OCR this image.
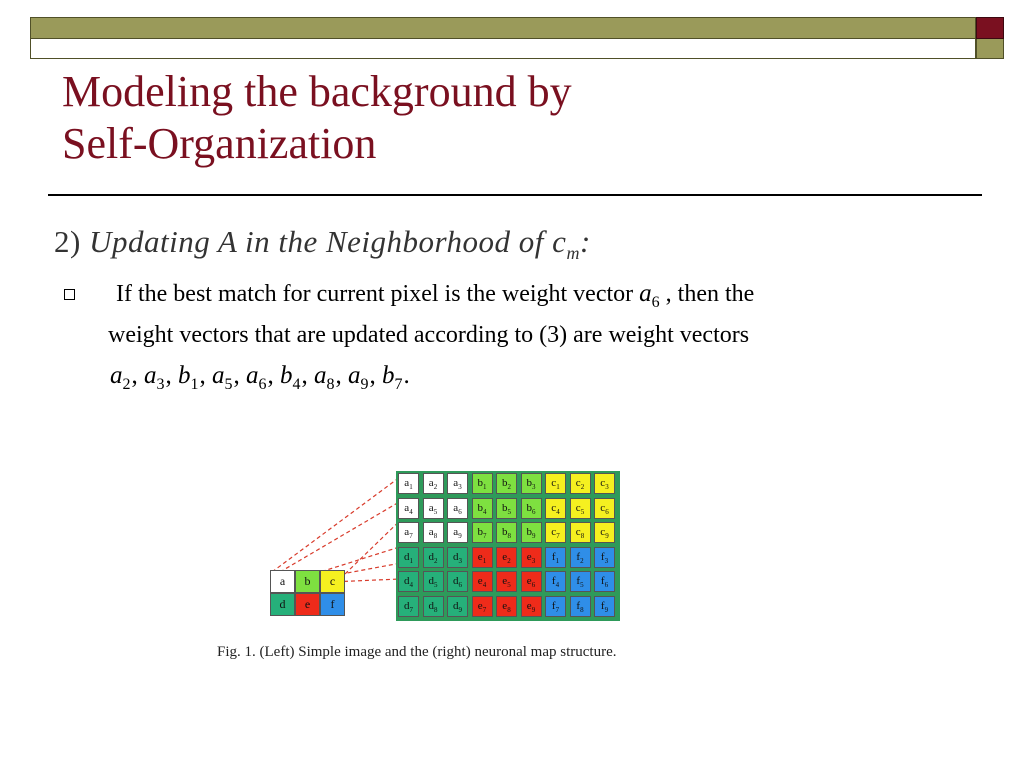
Modeling the background by
Self-Organization
2) Updating A in the Neighborhood of $c_m$:
If the best match for current pixel is the weight vector $a_6$ , then the
weight vectors that are updated according to (3) are weight vectors
$a_2$, $a_3$, $b_1$, $a_5$, $a_6$, $b_4$, $a_8$, $a_9$, $b_7$.
a	b	c
d	e	f
$a_1$	$a_2$	$a_3$	$b_1$	$b_2$	$b_3$	$c_1$	$c_2$	$c_3$
$a_4$	$a_5$	$a_6$	$b_4$	$b_5$	$b_6$	$c_4$	$c_5$	$c_6$
$a_7$	$a_8$	$a_9$	$b_7$	$b_8$	$b_9$	$c_7$	$c_8$	$c_9$
$d_1$	$d_2$	$d_3$	$e_1$	$e_2$	$e_3$	$f_1$	$f_2$	$f_3$
$d_4$	$d_5$	$d_6$	$e_4$	$e_5$	$e_6$	$f_4$	$f_5$	$f_6$
$d_7$	$d_8$	$d_9$	$e_7$	$e_8$	$e_9$	$f_7$	$f_8$	$f_9$
Fig. 1. (Left) Simple image and the (right) neuronal map structure.
